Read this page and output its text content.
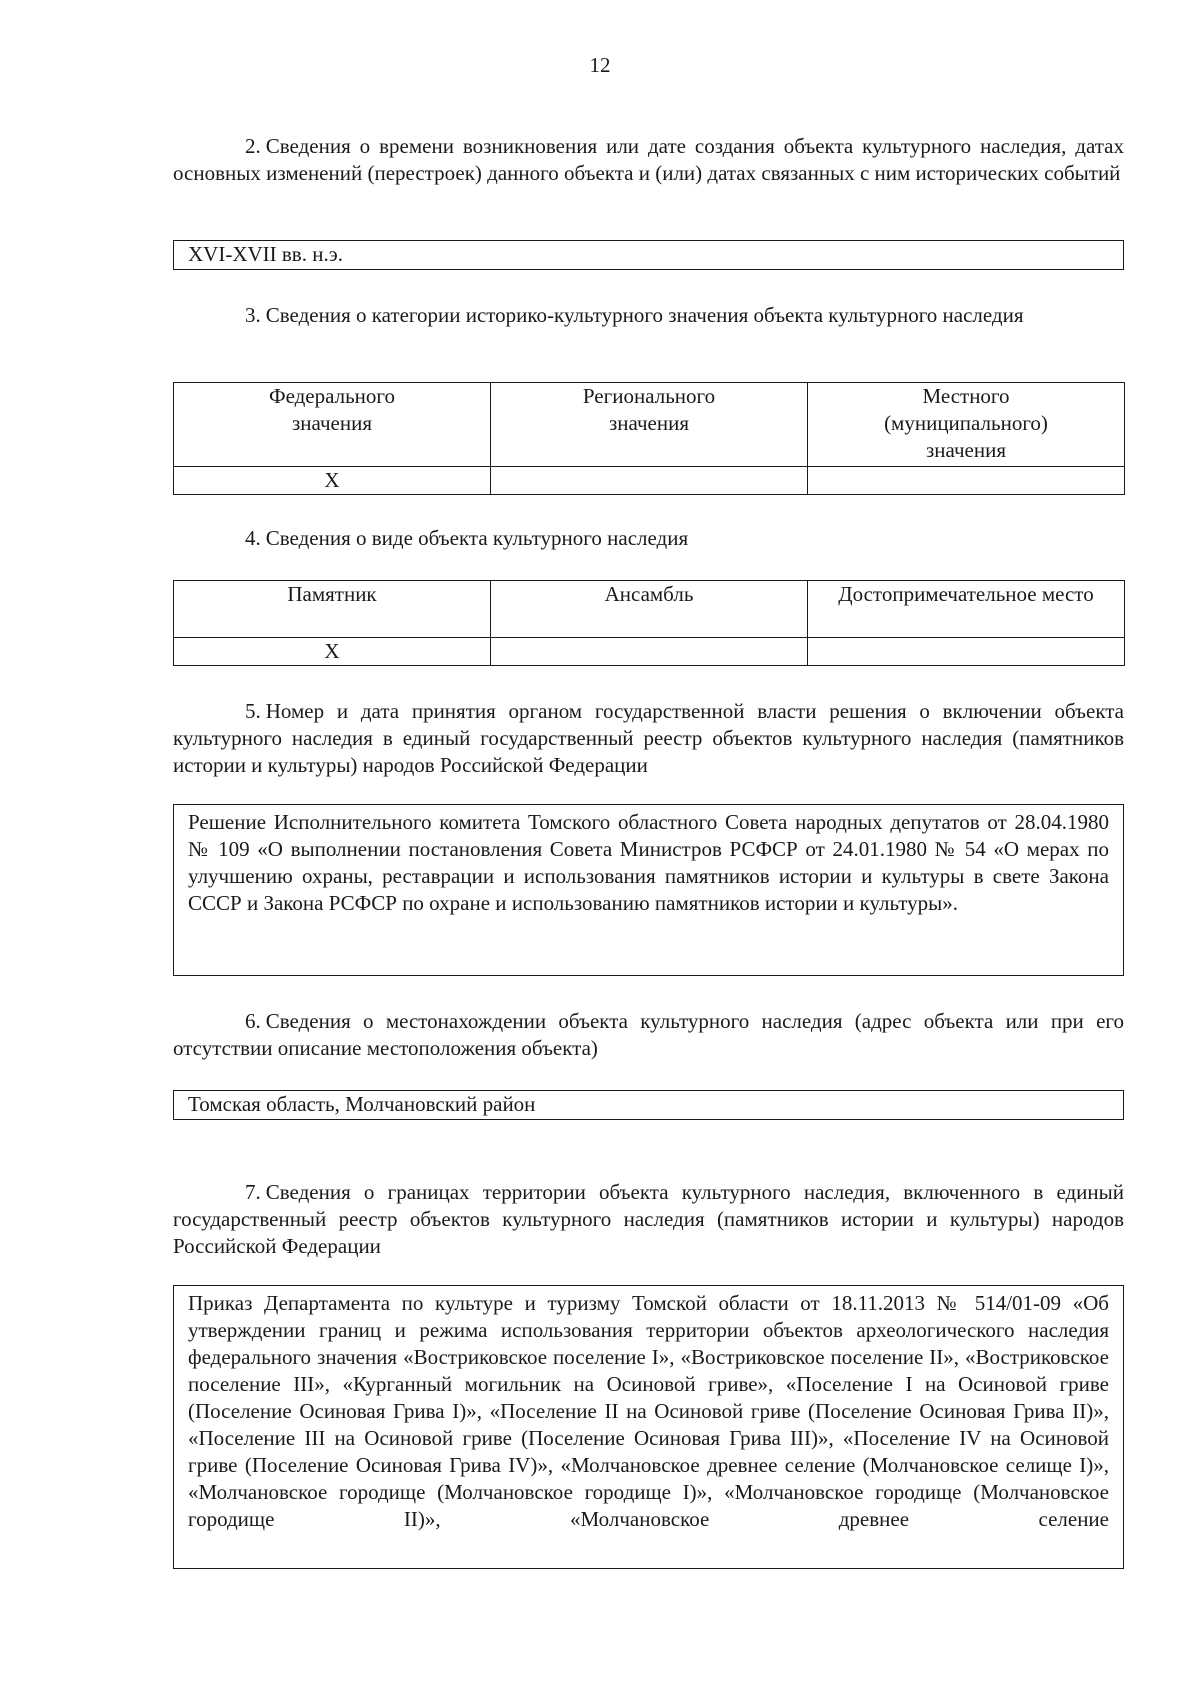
12

2. Сведения о времени возникновения или дате создания объекта культурного наследия, датах основных изменений (перестроек) данного объекта и (или) датах связанных с ним исторических событий

XVI-XVII вв. н.э.

3. Сведения о категории историко-культурного значения объекта культурного наследия

Федерального значения	Регионального значения	Местного (муниципального) значения
X		

4. Сведения о виде объекта культурного наследия

Памятник	Ансамбль	Достопримечательное место
X		

5. Номер и дата принятия органом государственной власти решения о включении объекта культурного наследия в единый государственный реестр объектов культурного наследия (памятников истории и культуры) народов Российской Федерации

Решение Исполнительного комитета Томского областного Совета народных депутатов от 28.04.1980 № 109 «О выполнении постановления Совета Министров РСФСР от 24.01.1980 № 54 «О мерах по улучшению охраны, реставрации и использования памятников истории и культуры в свете Закона СССР и Закона РСФСР по охране и использованию памятников истории и культуры».

6. Сведения о местонахождении объекта культурного наследия (адрес объекта или при его отсутствии описание местоположения объекта)

Томская область, Молчановский район

7. Сведения о границах территории объекта культурного наследия, включенного в единый государственный реестр объектов культурного наследия (памятников истории и культуры) народов Российской Федерации

Приказ Департамента по культуре и туризму Томской области от 18.11.2013 № 514/01-09 «Об утверждении границ и режима использования территории объектов археологического наследия федерального значения «Востриковское поселение I», «Востриковское поселение II», «Востриковское поселение III», «Курганный могильник на Осиновой гриве», «Поселение I на Осиновой гриве (Поселение Осиновая Грива I)», «Поселение II на Осиновой гриве (Поселение Осиновая Грива II)», «Поселение III на Осиновой гриве (Поселение Осиновая Грива III)», «Поселение IV на Осиновой гриве (Поселение Осиновая Грива IV)», «Молчановское древнее селение (Молчановское селище I)», «Молчановское городище (Молчановское городище I)», «Молчановское городище (Молчановское городище II)», «Молчановское древнее селение
